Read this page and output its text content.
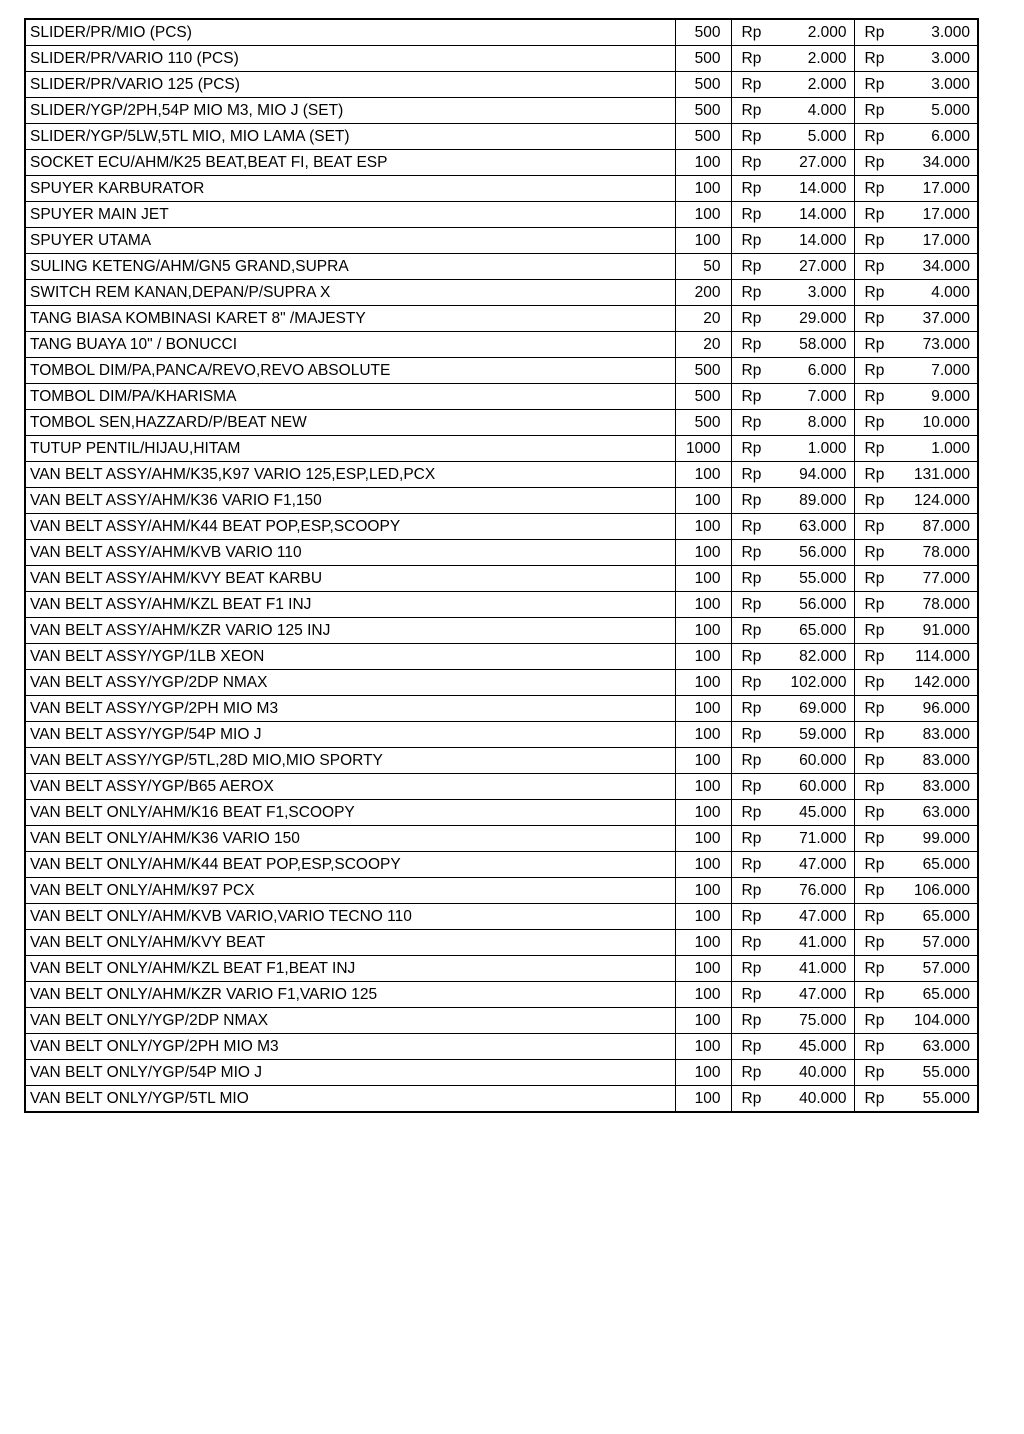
SLIDER/PR/MIO (PCS)	500	Rp 2.000	Rp 3.000
SLIDER/PR/VARIO 110 (PCS)	500	Rp 2.000	Rp 3.000
SLIDER/PR/VARIO 125 (PCS)	500	Rp 2.000	Rp 3.000
SLIDER/YGP/2PH,54P MIO M3, MIO J (SET)	500	Rp 4.000	Rp 5.000
SLIDER/YGP/5LW,5TL MIO, MIO LAMA (SET)	500	Rp 5.000	Rp 6.000
SOCKET ECU/AHM/K25 BEAT,BEAT FI, BEAT ESP	100	Rp 27.000	Rp 34.000
SPUYER KARBURATOR	100	Rp 14.000	Rp 17.000
SPUYER MAIN JET	100	Rp 14.000	Rp 17.000
SPUYER UTAMA	100	Rp 14.000	Rp 17.000
SULING KETENG/AHM/GN5 GRAND,SUPRA	50	Rp 27.000	Rp 34.000
SWITCH REM KANAN,DEPAN/P/SUPRA X	200	Rp 3.000	Rp 4.000
TANG BIASA KOMBINASI KARET 8" /MAJESTY	20	Rp 29.000	Rp 37.000
TANG BUAYA 10" / BONUCCI	20	Rp 58.000	Rp 73.000
TOMBOL DIM/PA,PANCA/REVO,REVO ABSOLUTE	500	Rp 6.000	Rp 7.000
TOMBOL DIM/PA/KHARISMA	500	Rp 7.000	Rp 9.000
TOMBOL SEN,HAZZARD/P/BEAT NEW	500	Rp 8.000	Rp 10.000
TUTUP PENTIL/HIJAU,HITAM	1000	Rp 1.000	Rp 1.000
VAN BELT ASSY/AHM/K35,K97 VARIO 125,ESP,LED,PCX	100	Rp 94.000	Rp 131.000
VAN BELT ASSY/AHM/K36 VARIO F1,150	100	Rp 89.000	Rp 124.000
VAN BELT ASSY/AHM/K44 BEAT POP,ESP,SCOOPY	100	Rp 63.000	Rp 87.000
VAN BELT ASSY/AHM/KVB VARIO 110	100	Rp 56.000	Rp 78.000
VAN BELT ASSY/AHM/KVY BEAT KARBU	100	Rp 55.000	Rp 77.000
VAN BELT ASSY/AHM/KZL BEAT F1 INJ	100	Rp 56.000	Rp 78.000
VAN BELT ASSY/AHM/KZR VARIO 125 INJ	100	Rp 65.000	Rp 91.000
VAN BELT ASSY/YGP/1LB XEON	100	Rp 82.000	Rp 114.000
VAN BELT ASSY/YGP/2DP NMAX	100	Rp 102.000	Rp 142.000
VAN BELT ASSY/YGP/2PH MIO M3	100	Rp 69.000	Rp 96.000
VAN BELT ASSY/YGP/54P MIO J	100	Rp 59.000	Rp 83.000
VAN BELT ASSY/YGP/5TL,28D MIO,MIO SPORTY	100	Rp 60.000	Rp 83.000
VAN BELT ASSY/YGP/B65 AEROX	100	Rp 60.000	Rp 83.000
VAN BELT ONLY/AHM/K16 BEAT F1,SCOOPY	100	Rp 45.000	Rp 63.000
VAN BELT ONLY/AHM/K36 VARIO 150	100	Rp 71.000	Rp 99.000
VAN BELT ONLY/AHM/K44 BEAT POP,ESP,SCOOPY	100	Rp 47.000	Rp 65.000
VAN BELT ONLY/AHM/K97 PCX	100	Rp 76.000	Rp 106.000
VAN BELT ONLY/AHM/KVB VARIO,VARIO TECNO 110	100	Rp 47.000	Rp 65.000
VAN BELT ONLY/AHM/KVY BEAT	100	Rp 41.000	Rp 57.000
VAN BELT ONLY/AHM/KZL BEAT F1,BEAT INJ	100	Rp 41.000	Rp 57.000
VAN BELT ONLY/AHM/KZR VARIO F1,VARIO 125	100	Rp 47.000	Rp 65.000
VAN BELT ONLY/YGP/2DP NMAX	100	Rp 75.000	Rp 104.000
VAN BELT ONLY/YGP/2PH MIO M3	100	Rp 45.000	Rp 63.000
VAN BELT ONLY/YGP/54P MIO J	100	Rp 40.000	Rp 55.000
VAN BELT ONLY/YGP/5TL MIO	100	Rp 40.000	Rp 55.000
